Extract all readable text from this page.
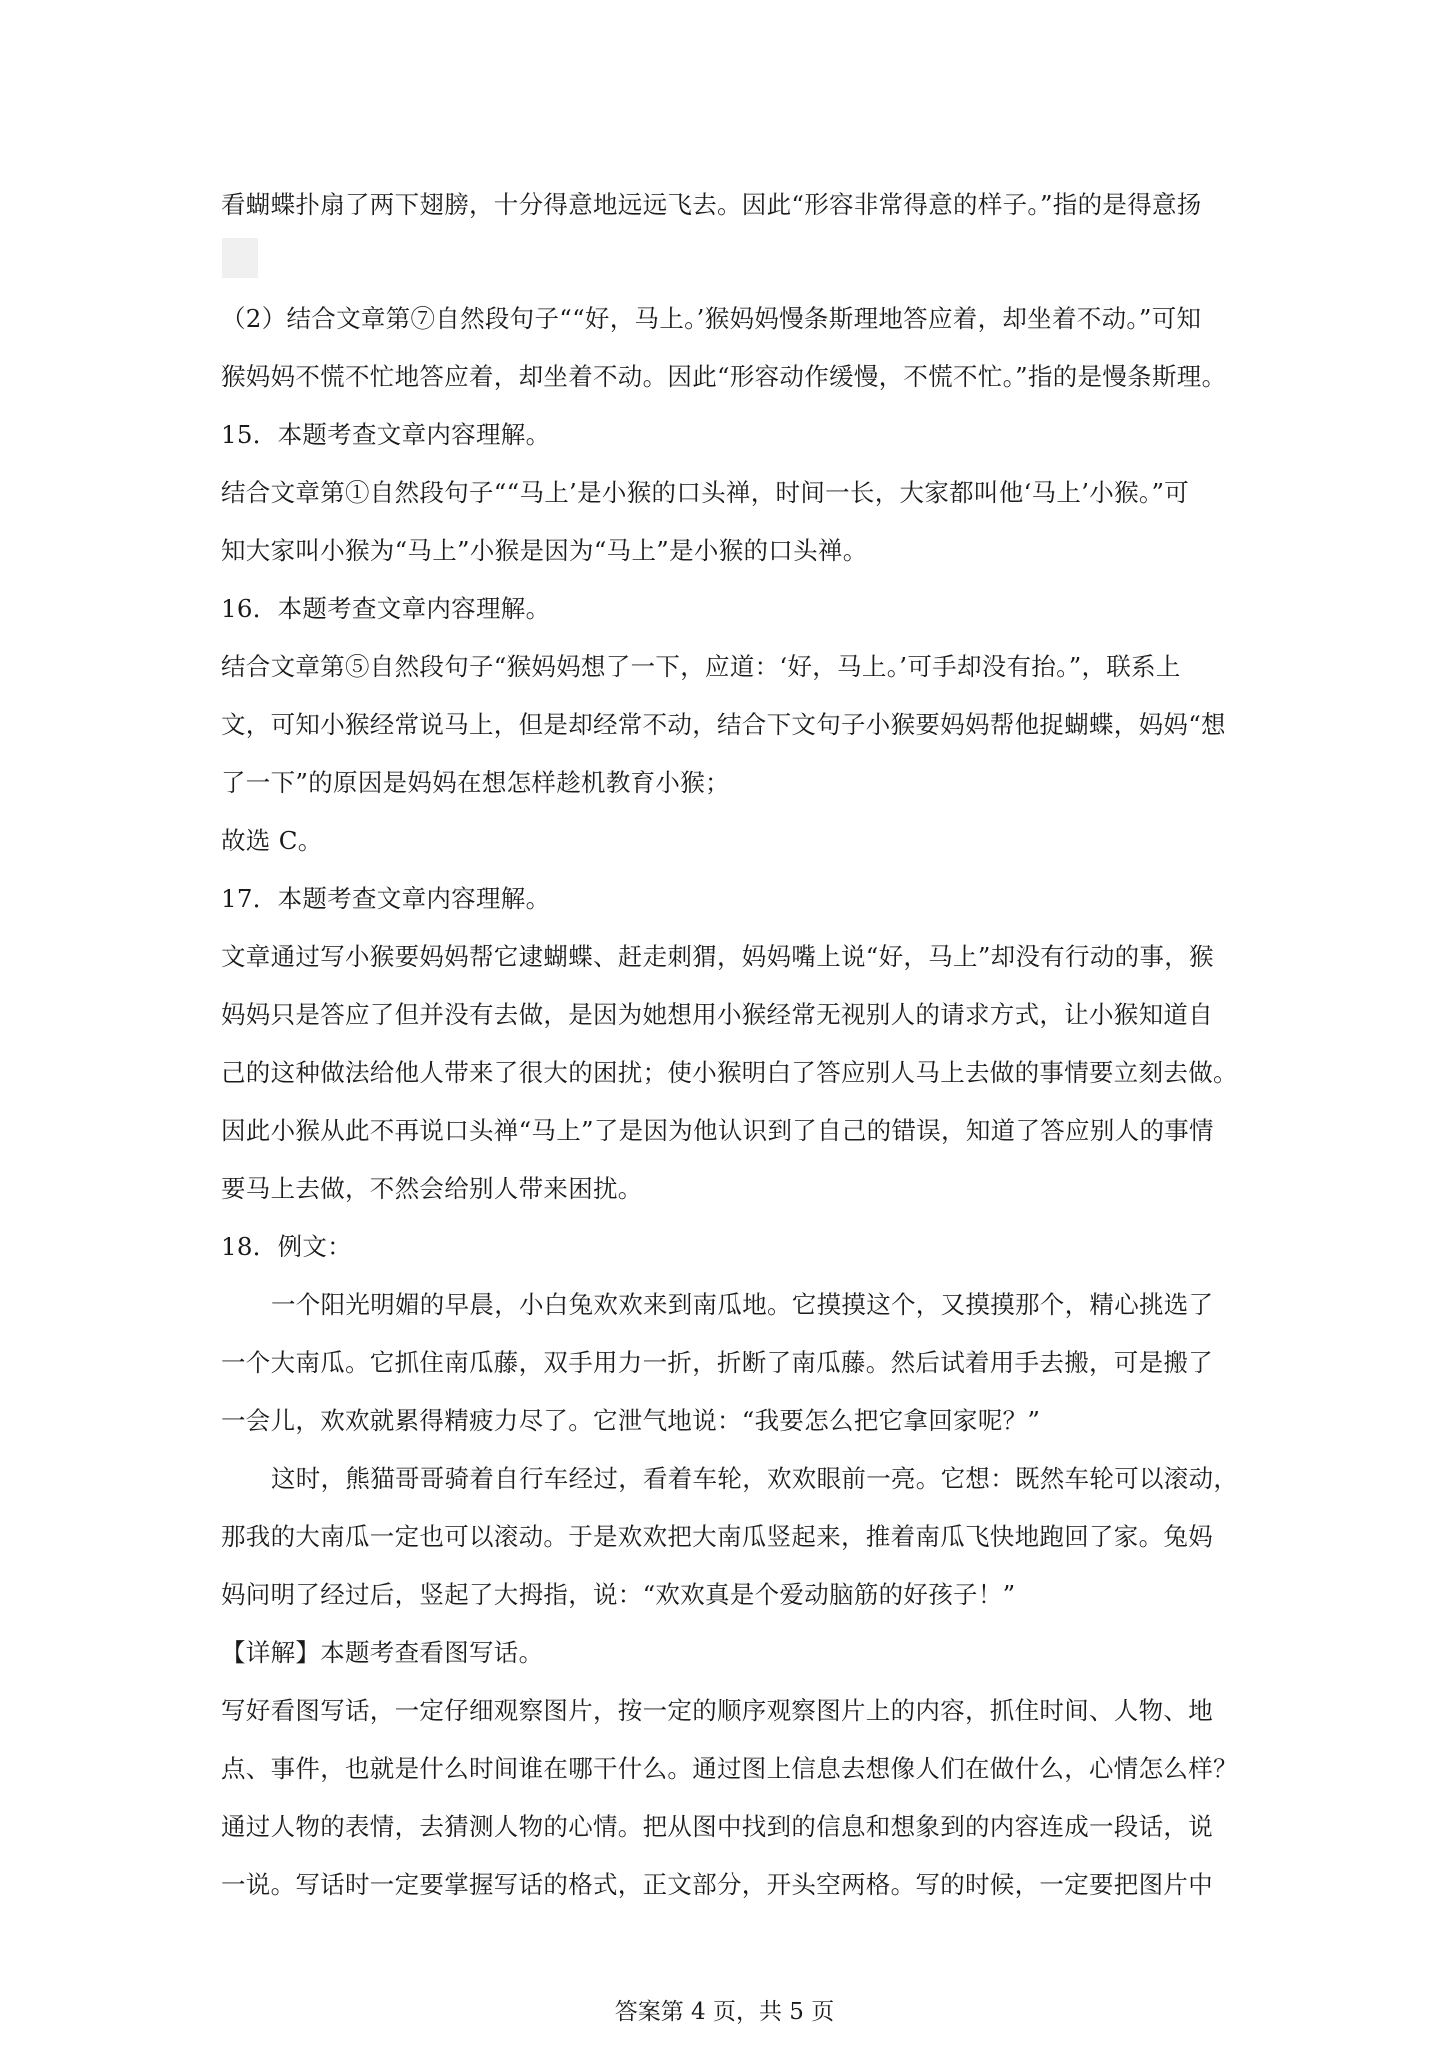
看蝴蝶扑扇了两下翅膀，十分得意地远远飞去。因此“形容非常得意的样子。”指的是得意扬
（2）结合文章第⑦自然段句子““好，马上。’猴妈妈慢条斯理地答应着，却坐着不动。”可知
猴妈妈不慌不忙地答应着，却坐着不动。因此“形容动作缓慢，不慌不忙。”指的是慢条斯理。
15．本题考查文章内容理解。
结合文章第①自然段句子““马上’是小猴的口头禅，时间一长，大家都叫他‘马上’小猴。”可
知大家叫小猴为“马上”小猴是因为“马上”是小猴的口头禅。
16．本题考查文章内容理解。
结合文章第⑤自然段句子“猴妈妈想了一下，应道：‘好，马上。’可手却没有抬。”，联系上
文，可知小猴经常说马上，但是却经常不动，结合下文句子小猴要妈妈帮他捉蝴蝶，妈妈“想
了一下”的原因是妈妈在想怎样趁机教育小猴；
故选 C。
17．本题考查文章内容理解。
文章通过写小猴要妈妈帮它逮蝴蝶、赶走刺猬，妈妈嘴上说“好，马上”却没有行动的事，猴
妈妈只是答应了但并没有去做，是因为她想用小猴经常无视别人的请求方式，让小猴知道自
己的这种做法给他人带来了很大的困扰；使小猴明白了答应别人马上去做的事情要立刻去做。
因此小猴从此不再说口头禅“马上”了是因为他认识到了自己的错误，知道了答应别人的事情
要马上去做，不然会给别人带来困扰。
18．例文：
一个阳光明媚的早晨，小白兔欢欢来到南瓜地。它摸摸这个，又摸摸那个，精心挑选了
一个大南瓜。它抓住南瓜藤，双手用力一折，折断了南瓜藤。然后试着用手去搬，可是搬了
一会儿，欢欢就累得精疲力尽了。它泄气地说：“我要怎么把它拿回家呢？”
这时，熊猫哥哥骑着自行车经过，看着车轮，欢欢眼前一亮。它想：既然车轮可以滚动，
那我的大南瓜一定也可以滚动。于是欢欢把大南瓜竖起来，推着南瓜飞快地跑回了家。兔妈
妈问明了经过后，竖起了大拇指，说：“欢欢真是个爱动脑筋的好孩子！”
【详解】本题考查看图写话。
写好看图写话，一定仔细观察图片，按一定的顺序观察图片上的内容，抓住时间、人物、地
点、事件，也就是什么时间谁在哪干什么。通过图上信息去想像人们在做什么，心情怎么样？
通过人物的表情，去猜测人物的心情。把从图中找到的信息和想象到的内容连成一段话，说
一说。写话时一定要掌握写话的格式，正文部分，开头空两格。写的时候，一定要把图片中
答案第 4 页，共 5 页
